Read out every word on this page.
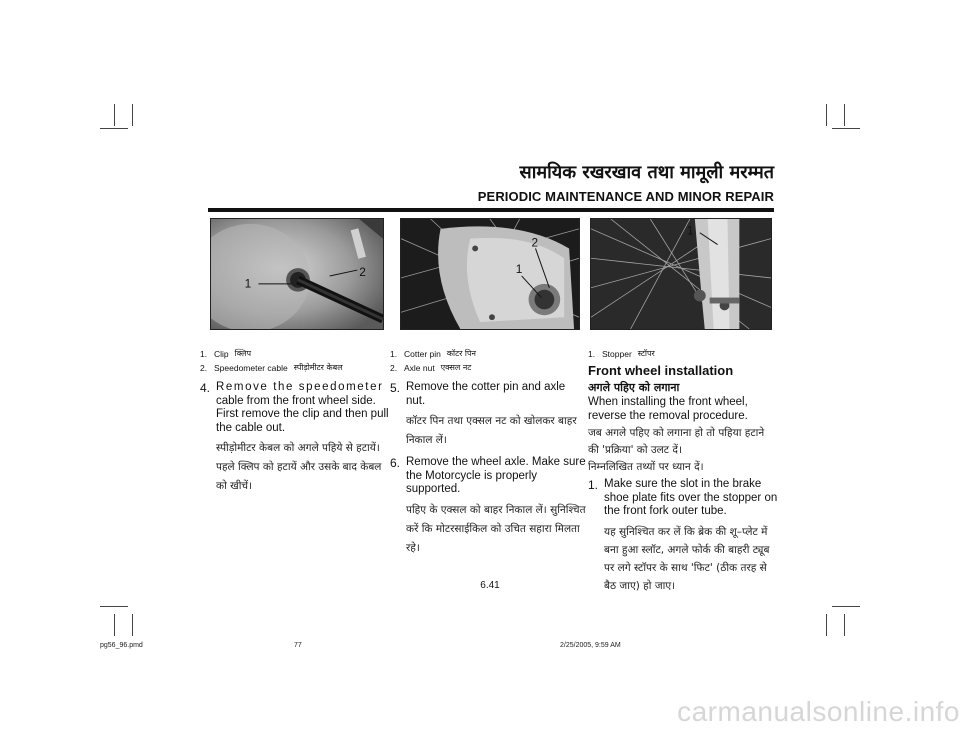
सामयिक रखरखाव तथा मामूली मरम्मत
PERIODIC MAINTENANCE AND MINOR REPAIR
1
2
2
1
1
1. Clip क्लिप
2. Speedometer cable स्पीड़ोमीटर केबल
4. Remove the speedometer
cable from the front wheel side. First remove the clip and then pull the cable out.
स्पीड़ोमीटर केबल को अगले पहिये से हटायें। पहले क्लिप को हटायें और उसके बाद केबल को खीचें।
1. Cotter pin कॉटर पिन
2. Axle nut एक्सल नट
5. Remove the cotter pin and axle nut.
कॉटर पिन तथा एक्सल नट को खोलकर बाहर निकाल लें।
6. Remove the wheel axle. Make sure the Motorcycle is properly supported.
पहिए के एक्सल को बाहर निकाल लें। सुनिश्चित करें कि मोटरसाईकिल को उचित सहारा मिलता रहे।
1. Stopper स्टॉपर
Front wheel installation
अगले पहिए को लगाना
When installing the front wheel, reverse the removal procedure.
जब अगले पहिए को लगाना हो तो पहिया हटाने की 'प्रक्रिया' को उलट दें।
निम्नलिखित तथ्यों पर ध्यान दें।
1. Make sure the slot in the brake shoe plate fits over the stopper on the front fork outer tube.
यह सुनिश्चित कर लें कि ब्रेक की शू–प्लेट में बना हुआ स्लॉट, अगले फोर्क की बाहरी ट्यूब पर लगे स्टॉपर के साथ 'फिट' (ठीक तरह से बैठ जाए) हो जाए।
6.41
pg56_96.pmd	77	2/25/2005, 9:59 AM
carmanualsonline.info
